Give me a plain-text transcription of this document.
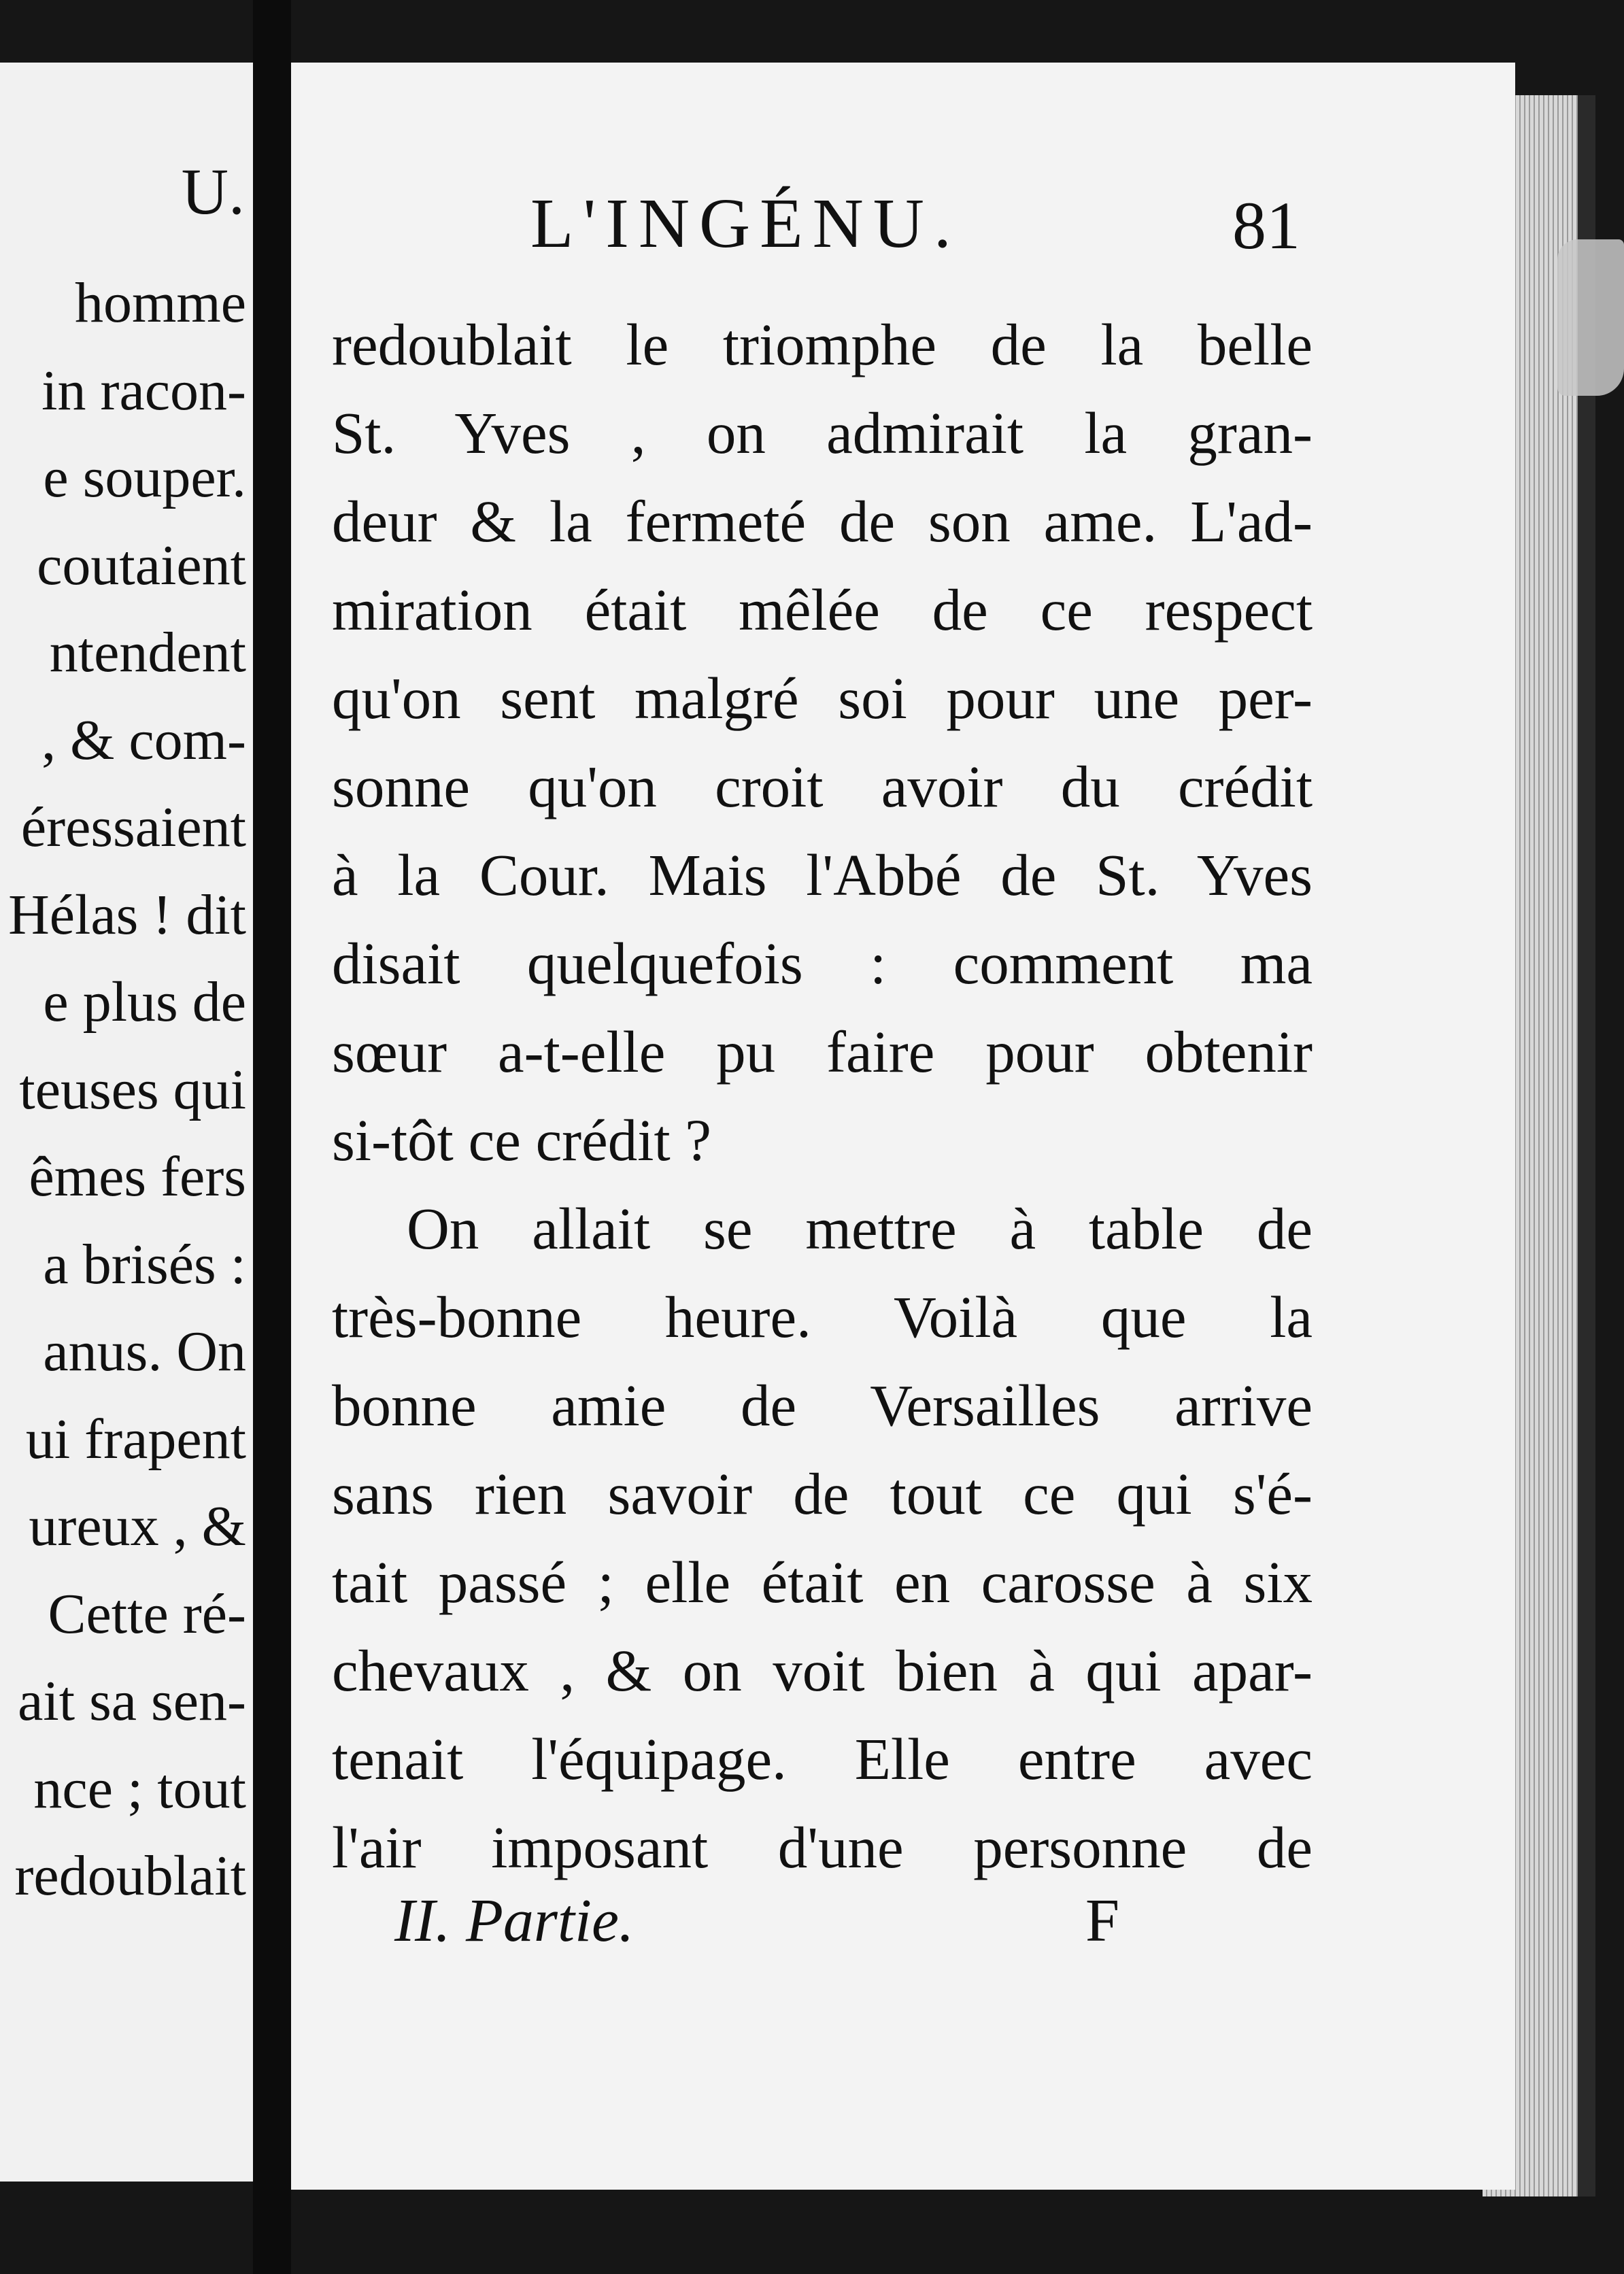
U.
homme
in racon-
e souper.
coutaient
ntendent
, & com-
éressaient
Hélas ! dit
e plus de
teuses qui
êmes fers
a brisés :
anus. On
ui frapent
ureux , &
Cette ré-
ait sa sen-
nce ; tout
redoublait
L'INGÉNU.	81
redoublait le triomphe de la belle
St. Yves , on admirait la gran-
deur & la fermeté de son ame. L'ad-
miration était mêlée de ce respect
qu'on sent malgré soi pour une per-
sonne qu'on croit avoir du crédit
à la Cour. Mais l'Abbé de St. Yves
disait quelquefois : comment ma
sœur a-t-elle pu faire pour obtenir
si-tôt ce crédit ?
On allait se mettre à table de
très-bonne heure. Voilà que la
bonne amie de Versailles arrive
sans rien savoir de tout ce qui s'é-
tait passé ; elle était en carosse à six
chevaux , & on voit bien à qui apar-
tenait l'équipage. Elle entre avec
l'air imposant d'une personne de
II. Partie.	F
